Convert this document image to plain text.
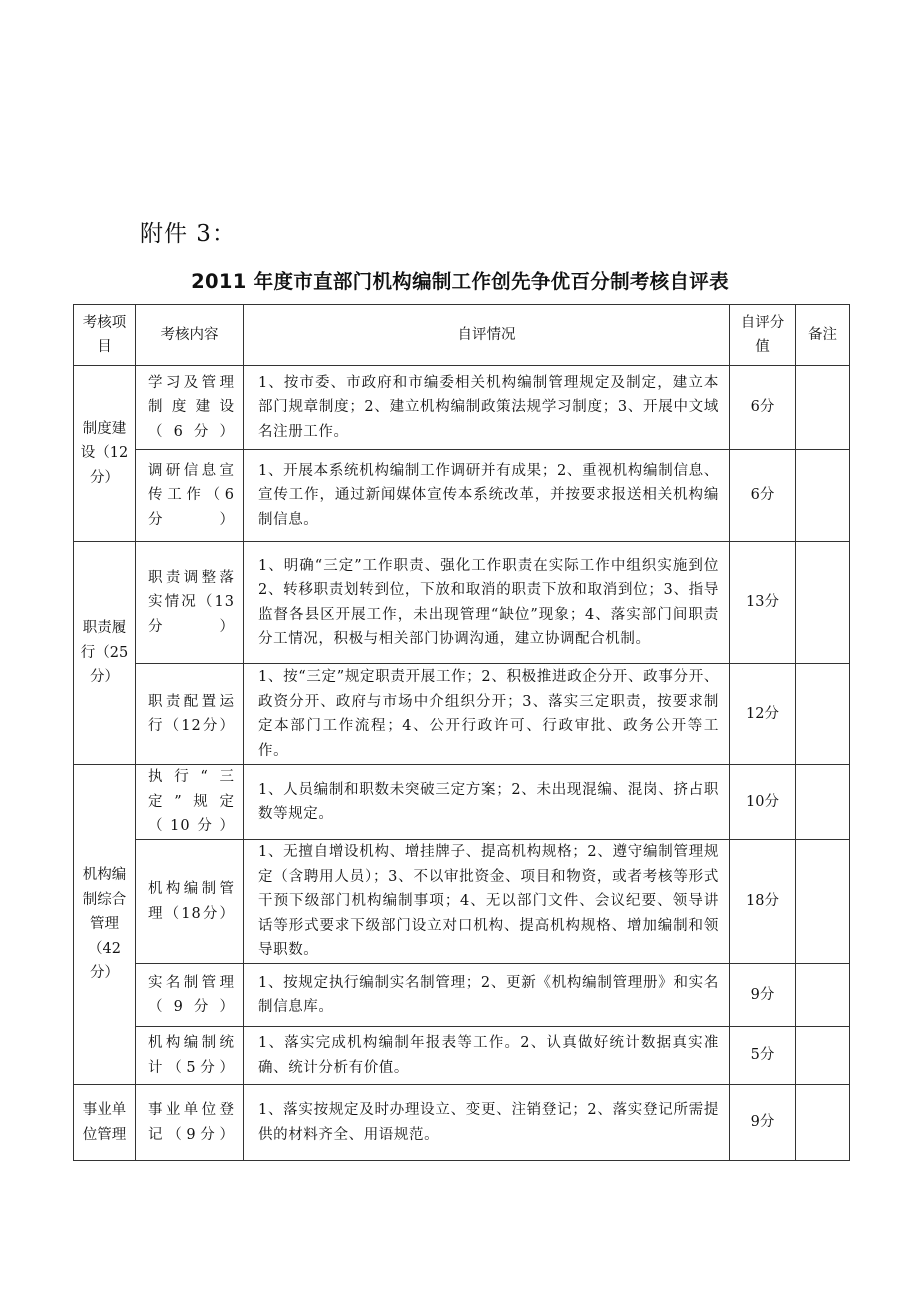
附件 3：
2011 年度市直部门机构编制工作创先争优百分制考核自评表
考核项目	考核内容	自评情况	自评分值	备注
制度建设（12分）	学习及管理制度建设（6分）	1、按市委、市政府和市编委相关机构编制管理规定及制定，建立本部门规章制度；2、建立机构编制政策法规学习制度；3、开展中文域名注册工作。	6分	
	调研信息宣传工作（6分）	1、开展本系统机构编制工作调研并有成果；2、重视机构编制信息、宣传工作，通过新闻媒体宣传本系统改革，并按要求报送相关机构编制信息。	6分	
职责履行（25分）	职责调整落实情况（13分）	1、明确“三定”工作职责、强化工作职责在实际工作中组织实施到位 2、转移职责划转到位，下放和取消的职责下放和取消到位；3、指导监督各县区开展工作，未出现管理“缺位”现象；4、落实部门间职责分工情况，积极与相关部门协调沟通，建立协调配合机制。	13分	
	职责配置运行（12分）	1、按“三定”规定职责开展工作；2、积极推进政企分开、政事分开、政资分开、政府与市场中介组织分开；3、落实三定职责，按要求制定本部门工作流程；4、公开行政许可、行政审批、政务公开等工作。	12分	
机构编制综合管理（42分）	执行“三定”规定（10分）	1、人员编制和职数未突破三定方案；2、未出现混编、混岗、挤占职数等规定。	10分	
	机构编制管理（18分）	1、无擅自增设机构、增挂牌子、提高机构规格；2、遵守编制管理规定（含聘用人员）；3、不以审批资金、项目和物资，或者考核等形式干预下级部门机构编制事项；4、无以部门文件、会议纪要、领导讲话等形式要求下级部门设立对口机构、提高机构规格、增加编制和领导职数。	18分	
	实名制管理（9分）	1、按规定执行编制实名制管理；2、更新《机构编制管理册》和实名制信息库。	9分	
	机构编制统计（5分）	1、落实完成机构编制年报表等工作。2、认真做好统计数据真实准确、统计分析有价值。	5分	
事业单位管理	事业单位登记（9分）	1、落实按规定及时办理设立、变更、注销登记；2、落实登记所需提供的材料齐全、用语规范。	9分	
